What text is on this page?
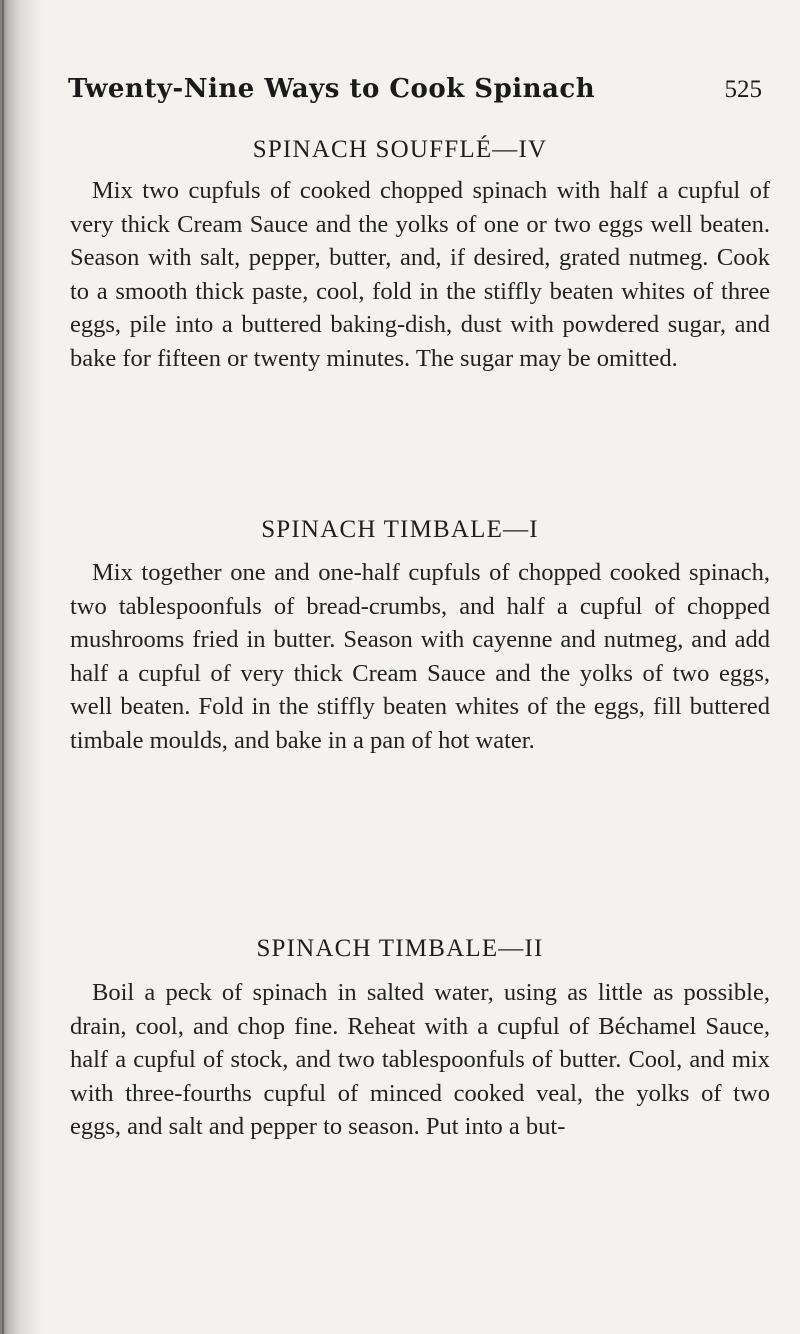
Twenty-Nine Ways to Cook Spinach	525
SPINACH SOUFFLÉ—IV

Mix two cupfuls of cooked chopped spinach with half a cupful of very thick Cream Sauce and the yolks of one or two eggs well beaten. Season with salt, pepper, butter, and, if desired, grated nutmeg. Cook to a smooth thick paste, cool, fold in the stiffly beaten whites of three eggs, pile into a buttered baking-dish, dust with powdered sugar, and bake for fifteen or twenty minutes. The sugar may be omitted.

SPINACH TIMBALE—I

Mix together one and one-half cupfuls of chopped cooked spinach, two tablespoonfuls of bread-crumbs, and half a cupful of chopped mushrooms fried in butter. Season with cayenne and nutmeg, and add half a cupful of very thick Cream Sauce and the yolks of two eggs, well beaten. Fold in the stiffly beaten whites of the eggs, fill buttered timbale moulds, and bake in a pan of hot water.

SPINACH TIMBALE—II

Boil a peck of spinach in salted water, using as little as possible, drain, cool, and chop fine. Reheat with a cupful of Béchamel Sauce, half a cupful of stock, and two tablespoonfuls of butter. Cool, and mix with three-fourths cupful of minced cooked veal, the yolks of two eggs, and salt and pepper to season. Put into a but-
